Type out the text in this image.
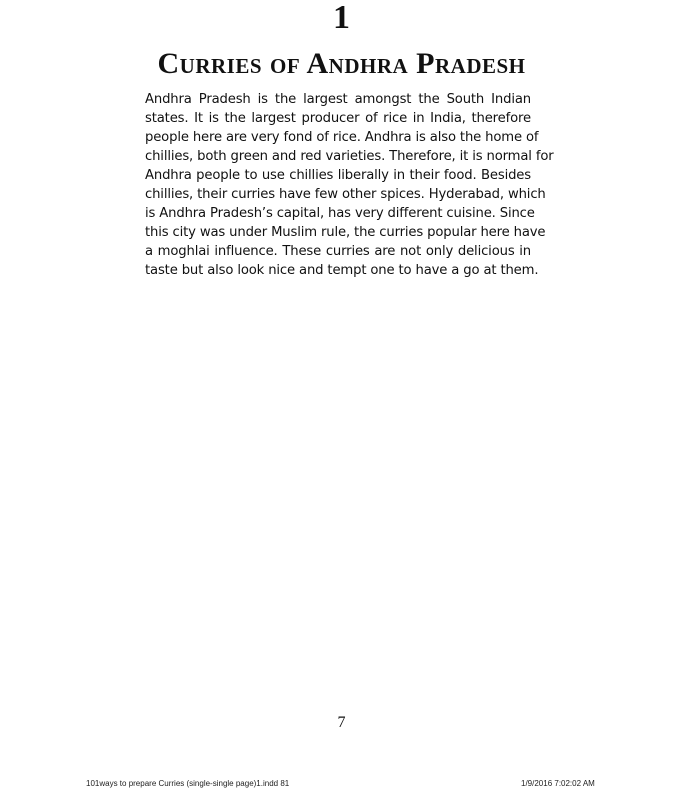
1
Curries of Andhra Pradesh
Andhra Pradesh is the largest amongst the South Indian
states. It is the largest producer of rice in India, therefore
people here are very fond of rice. Andhra is also the home of
chillies, both green and red varieties. Therefore, it is normal for
Andhra people to use chillies liberally in their food. Besides
chillies, their curries have few other spices. Hyderabad, which
is Andhra Pradesh’s capital, has very different cuisine. Since
this city was under Muslim rule, the curries popular here have
a moghlai influence. These curries are not only delicious in
taste but also look nice and tempt one to have a go at them.
7
101ways to prepare Curries (single-single page)1.indd 81	1/9/2016 7:02:02 AM
